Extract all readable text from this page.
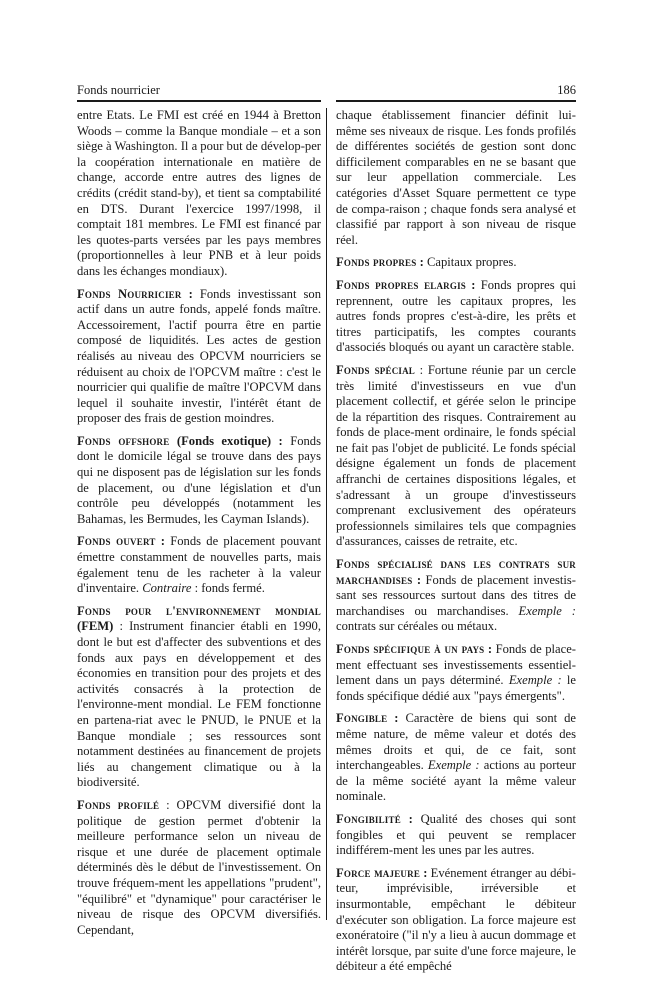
Fonds nourricier	186

entre Etats. Le FMI est créé en 1944 à Bretton Woods – comme la Banque mondiale – et a son siège à Washington. Il a pour but de dévelop-per la coopération internationale en matière de change, accorde entre autres des lignes de crédits (crédit stand-by), et tient sa comptabilité en DTS. Durant l'exercice 1997/1998, il comptait 181 membres. Le FMI est financé par les quotes-parts versées par les pays membres (proportionnelles à leur PNB et à leur poids dans les échanges mondiaux).

Fonds Nourricier : Fonds investissant son actif dans un autre fonds, appelé fonds maître. Accessoirement, l'actif pourra être en partie composé de liquidités. Les actes de gestion réalisés au niveau des OPCVM nourriciers se réduisent au choix de l'OPCVM maître : c'est le nourricier qui qualifie de maître l'OPCVM dans lequel il souhaite investir, l'intérêt étant de proposer des frais de gestion moindres.

Fonds offshore (Fonds exotique) : Fonds dont le domicile légal se trouve dans des pays qui ne disposent pas de législation sur les fonds de placement, ou d'une législation et d'un contrôle peu développés (notamment les Bahamas, les Bermudes, les Cayman Islands).

Fonds ouvert : Fonds de placement pouvant émettre constamment de nouvelles parts, mais également tenu de les racheter à la valeur d'inventaire. Contraire : fonds fermé.

Fonds pour l'environnement mondial (FEM) : Instrument financier établi en 1990, dont le but est d'affecter des subventions et des fonds aux pays en développement et des économies en transition pour des projets et des activités consacrés à la protection de l'environne-ment mondial. Le FEM fonctionne en partena-riat avec le PNUD, le PNUE et la Banque mondiale ; ses ressources sont notamment destinées au financement de projets liés au changement climatique ou à la biodiversité.

Fonds profilé : OPCVM diversifié dont la politique de gestion permet d'obtenir la meilleure performance selon un niveau de risque et une durée de placement optimale déterminés dès le début de l'investissement. On trouve fréquem-ment les appellations "prudent", "équilibré" et "dynamique" pour caractériser le niveau de risque des OPCVM diversifiés. Cependant,

chaque établissement financier définit lui-même ses niveaux de risque. Les fonds profilés de différentes sociétés de gestion sont donc difficilement comparables en ne se basant que sur leur appellation commerciale. Les catégories d'Asset Square permettent ce type de compa-raison ; chaque fonds sera analysé et classifié par rapport à son niveau de risque réel.

Fonds propres : Capitaux propres.

Fonds propres elargis : Fonds propres qui reprennent, outre les capitaux propres, les autres fonds propres c'est-à-dire, les prêts et titres participatifs, les comptes courants d'associés bloqués ou ayant un caractère stable.

Fonds spécial : Fortune réunie par un cercle très limité d'investisseurs en vue d'un placement collectif, et gérée selon le principe de la répartition des risques. Contrairement au fonds de place-ment ordinaire, le fonds spécial ne fait pas l'objet de publicité. Le fonds spécial désigne également un fonds de placement affranchi de certaines dispositions légales, et s'adressant à un groupe d'investisseurs comprenant exclusivement des opérateurs professionnels similaires tels que compagnies d'assurances, caisses de retraite, etc.

Fonds spécialisé dans les contrats sur marchandises : Fonds de placement investis-sant ses ressources surtout dans des titres de marchandises ou marchandises. Exemple : contrats sur céréales ou métaux.

Fonds spécifique à un pays : Fonds de place-ment effectuant ses investissements essentiel-lement dans un pays déterminé. Exemple : le fonds spécifique dédié aux "pays émergents".

Fongible : Caractère de biens qui sont de même nature, de même valeur et dotés des mêmes droits et qui, de ce fait, sont interchangeables. Exemple : actions au porteur de la même société ayant la même valeur nominale.

Fongibilité : Qualité des choses qui sont fongibles et qui peuvent se remplacer indifférem-ment les unes par les autres.

Force majeure : Evénement étranger au débi-teur, imprévisible, irréversible et insurmontable, empêchant le débiteur d'exécuter son obligation. La force majeure est exonératoire ("il n'y a lieu à aucun dommage et intérêt lorsque, par suite d'une force majeure, le débiteur a été empêché
